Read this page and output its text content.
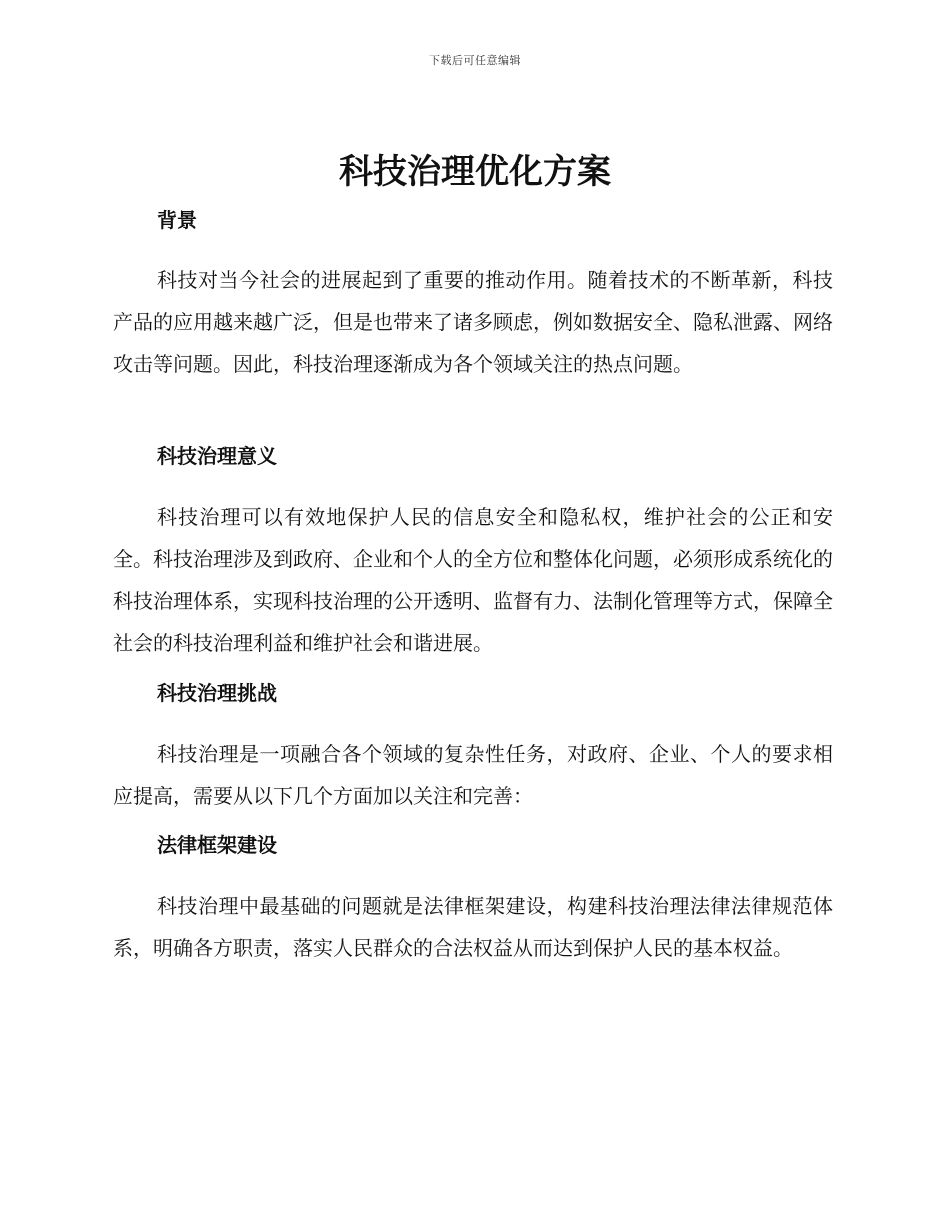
下载后可任意编辑
科技治理优化方案
背景

科技对当今社会的进展起到了重要的推动作用。随着技术的不断革新，科技产品的应用越来越广泛，但是也带来了诸多顾虑，例如数据安全、隐私泄露、网络攻击等问题。因此，科技治理逐渐成为各个领域关注的热点问题。

科技治理意义

科技治理可以有效地保护人民的信息安全和隐私权，维护社会的公正和安全。科技治理涉及到政府、企业和个人的全方位和整体化问题，必须形成系统化的科技治理体系，实现科技治理的公开透明、监督有力、法制化管理等方式，保障全社会的科技治理利益和维护社会和谐进展。

科技治理挑战

科技治理是一项融合各个领域的复杂性任务，对政府、企业、个人的要求相应提高，需要从以下几个方面加以关注和完善：

法律框架建设

科技治理中最基础的问题就是法律框架建设，构建科技治理法律法律规范体系，明确各方职责，落实人民群众的合法权益从而达到保护人民的基本权益。
